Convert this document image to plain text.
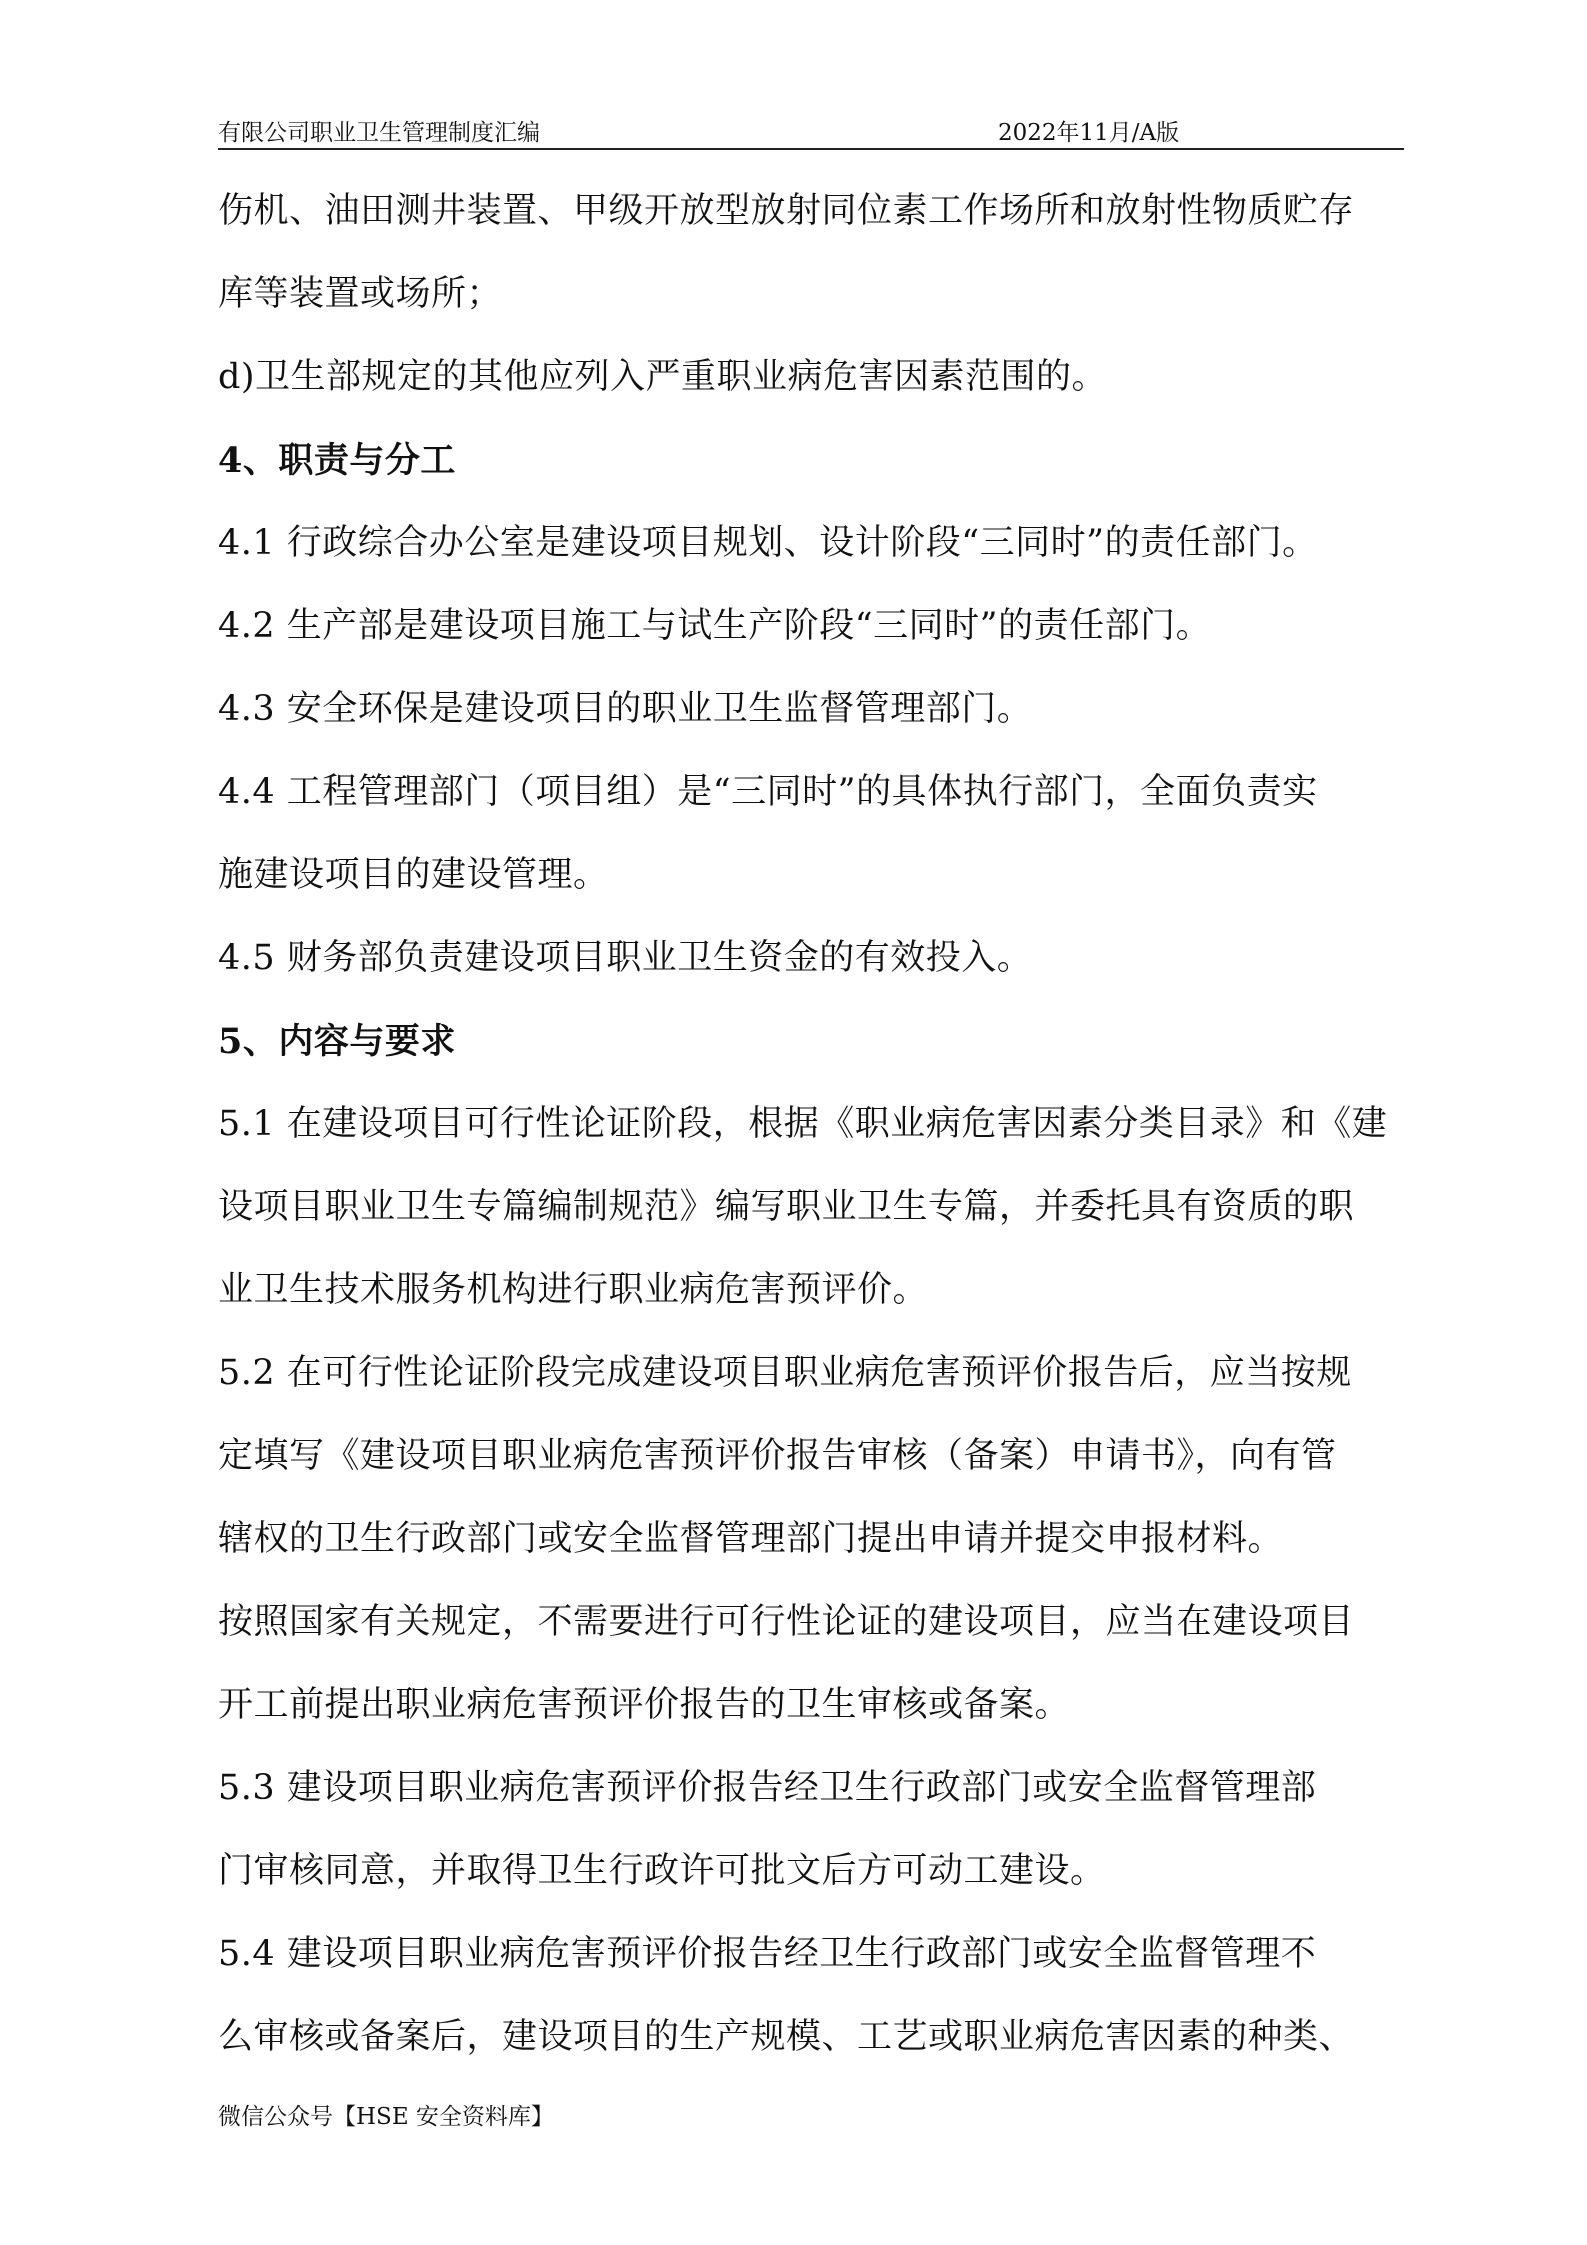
有限公司职业卫生管理制度汇编	2022年11月/A版
伤机、油田测井装置、甲级开放型放射同位素工作场所和放射性物质贮存
库等装置或场所；
d)卫生部规定的其他应列入严重职业病危害因素范围的。
4、职责与分工
4.1 行政综合办公室是建设项目规划、设计阶段“三同时”的责任部门。
4.2 生产部是建设项目施工与试生产阶段“三同时”的责任部门。
4.3 安全环保是建设项目的职业卫生监督管理部门。
4.4 工程管理部门（项目组）是“三同时”的具体执行部门，全面负责实
施建设项目的建设管理。
4.5 财务部负责建设项目职业卫生资金的有效投入。
5、内容与要求
5.1 在建设项目可行性论证阶段，根据《职业病危害因素分类目录》和《建
设项目职业卫生专篇编制规范》编写职业卫生专篇，并委托具有资质的职
业卫生技术服务机构进行职业病危害预评价。
5.2 在可行性论证阶段完成建设项目职业病危害预评价报告后，应当按规
定填写《建设项目职业病危害预评价报告审核（备案）申请书》，向有管
辖权的卫生行政部门或安全监督管理部门提出申请并提交申报材料。
按照国家有关规定，不需要进行可行性论证的建设项目，应当在建设项目
开工前提出职业病危害预评价报告的卫生审核或备案。
5.3 建设项目职业病危害预评价报告经卫生行政部门或安全监督管理部
门审核同意，并取得卫生行政许可批文后方可动工建设。
5.4 建设项目职业病危害预评价报告经卫生行政部门或安全监督管理不
么审核或备案后，建设项目的生产规模、工艺或职业病危害因素的种类、
微信公众号【HSE 安全资料库】
